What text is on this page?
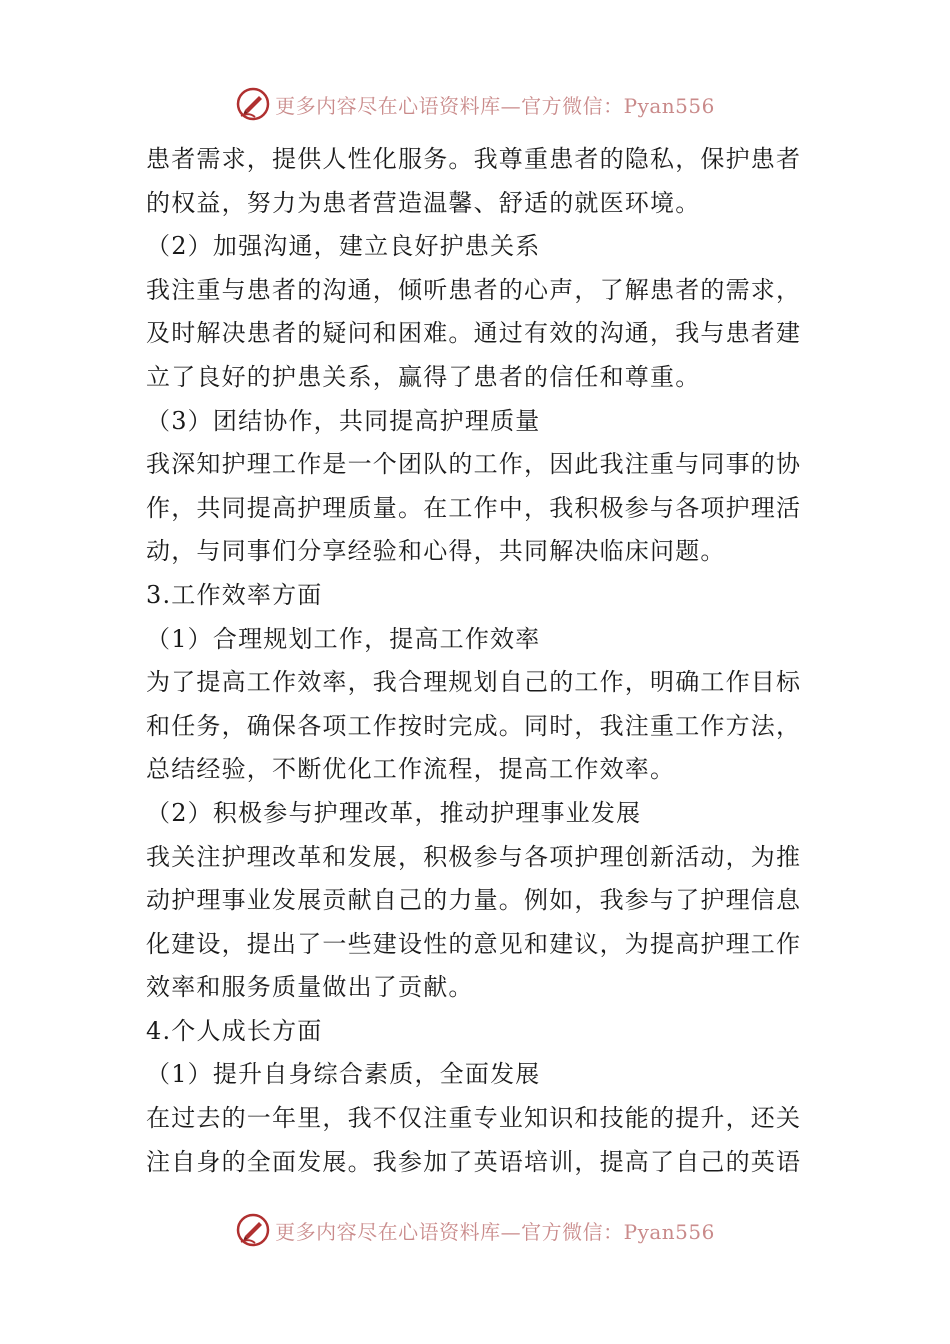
更多内容尽在心语资料库—官方微信：Pyan556
患者需求，提供人性化服务。我尊重患者的隐私，保护患者
的权益，努力为患者营造温馨、舒适的就医环境。
（2）加强沟通，建立良好护患关系
我注重与患者的沟通，倾听患者的心声，了解患者的需求，
及时解决患者的疑问和困难。通过有效的沟通，我与患者建
立了良好的护患关系，赢得了患者的信任和尊重。
（3）团结协作，共同提高护理质量
我深知护理工作是一个团队的工作，因此我注重与同事的协
作，共同提高护理质量。在工作中，我积极参与各项护理活
动，与同事们分享经验和心得，共同解决临床问题。
3.工作效率方面
（1）合理规划工作，提高工作效率
为了提高工作效率，我合理规划自己的工作，明确工作目标
和任务，确保各项工作按时完成。同时，我注重工作方法，
总结经验，不断优化工作流程，提高工作效率。
（2）积极参与护理改革，推动护理事业发展
我关注护理改革和发展，积极参与各项护理创新活动，为推
动护理事业发展贡献自己的力量。例如，我参与了护理信息
化建设，提出了一些建设性的意见和建议，为提高护理工作
效率和服务质量做出了贡献。
4.个人成长方面
（1）提升自身综合素质，全面发展
在过去的一年里，我不仅注重专业知识和技能的提升，还关
注自身的全面发展。我参加了英语培训，提高了自己的英语
更多内容尽在心语资料库—官方微信：Pyan556
